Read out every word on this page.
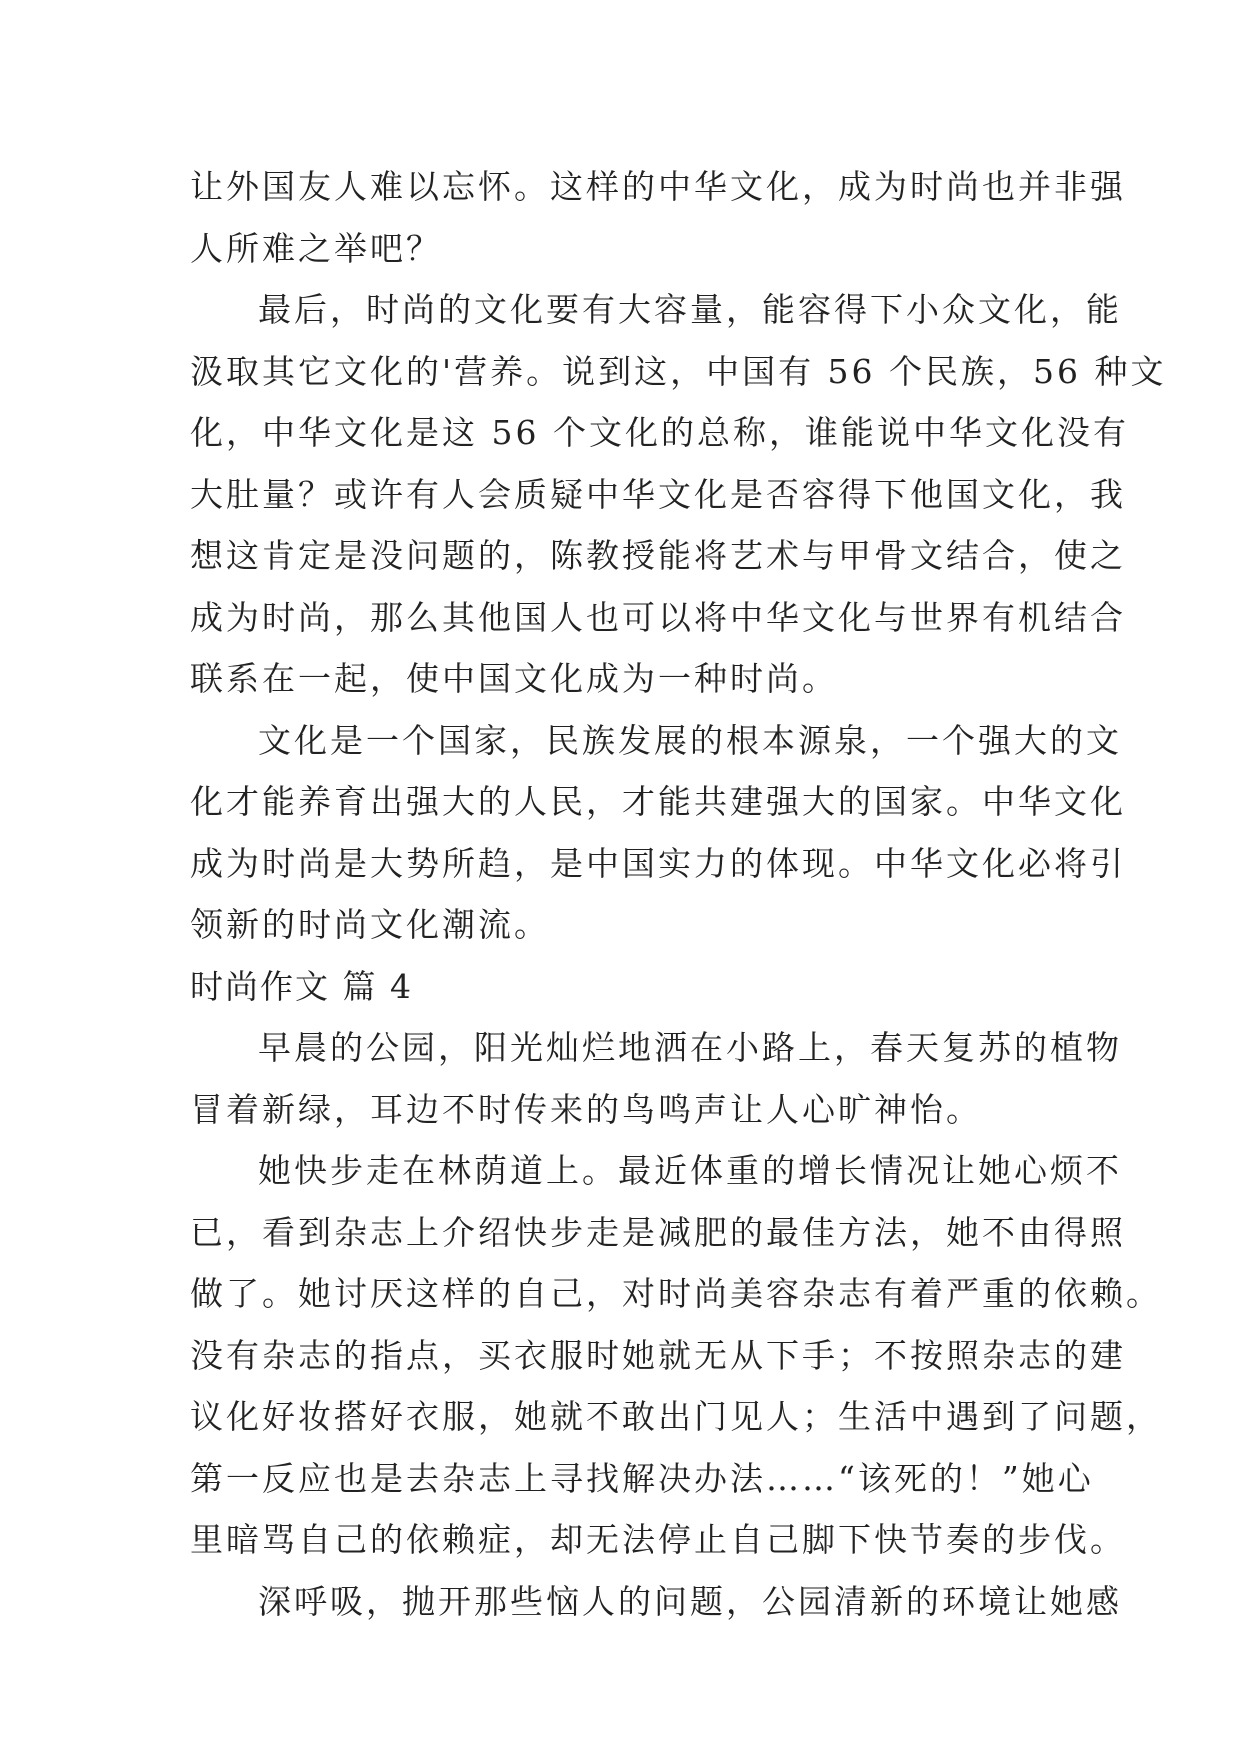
让外国友人难以忘怀。这样的中华文化，成为时尚也并非强
人所难之举吧？
最后，时尚的文化要有大容量，能容得下小众文化，能
汲取其它文化的'营养。说到这，中国有 56 个民族，56 种文
化，中华文化是这 56 个文化的总称，谁能说中华文化没有
大肚量？或许有人会质疑中华文化是否容得下他国文化，我
想这肯定是没问题的，陈教授能将艺术与甲骨文结合，使之
成为时尚，那么其他国人也可以将中华文化与世界有机结合
联系在一起，使中国文化成为一种时尚。
文化是一个国家，民族发展的根本源泉，一个强大的文
化才能养育出强大的人民，才能共建强大的国家。中华文化
成为时尚是大势所趋，是中国实力的体现。中华文化必将引
领新的时尚文化潮流。
时尚作文 篇 4
早晨的公园，阳光灿烂地洒在小路上，春天复苏的植物
冒着新绿，耳边不时传来的鸟鸣声让人心旷神怡。
她快步走在林荫道上。最近体重的增长情况让她心烦不
已，看到杂志上介绍快步走是减肥的最佳方法，她不由得照
做了。她讨厌这样的自己，对时尚美容杂志有着严重的依赖。
没有杂志的指点，买衣服时她就无从下手；不按照杂志的建
议化好妆搭好衣服，她就不敢出门见人；生活中遇到了问题，
第一反应也是去杂志上寻找解决办法……“该死的！”她心
里暗骂自己的依赖症，却无法停止自己脚下快节奏的步伐。
深呼吸，抛开那些恼人的问题，公园清新的环境让她感
